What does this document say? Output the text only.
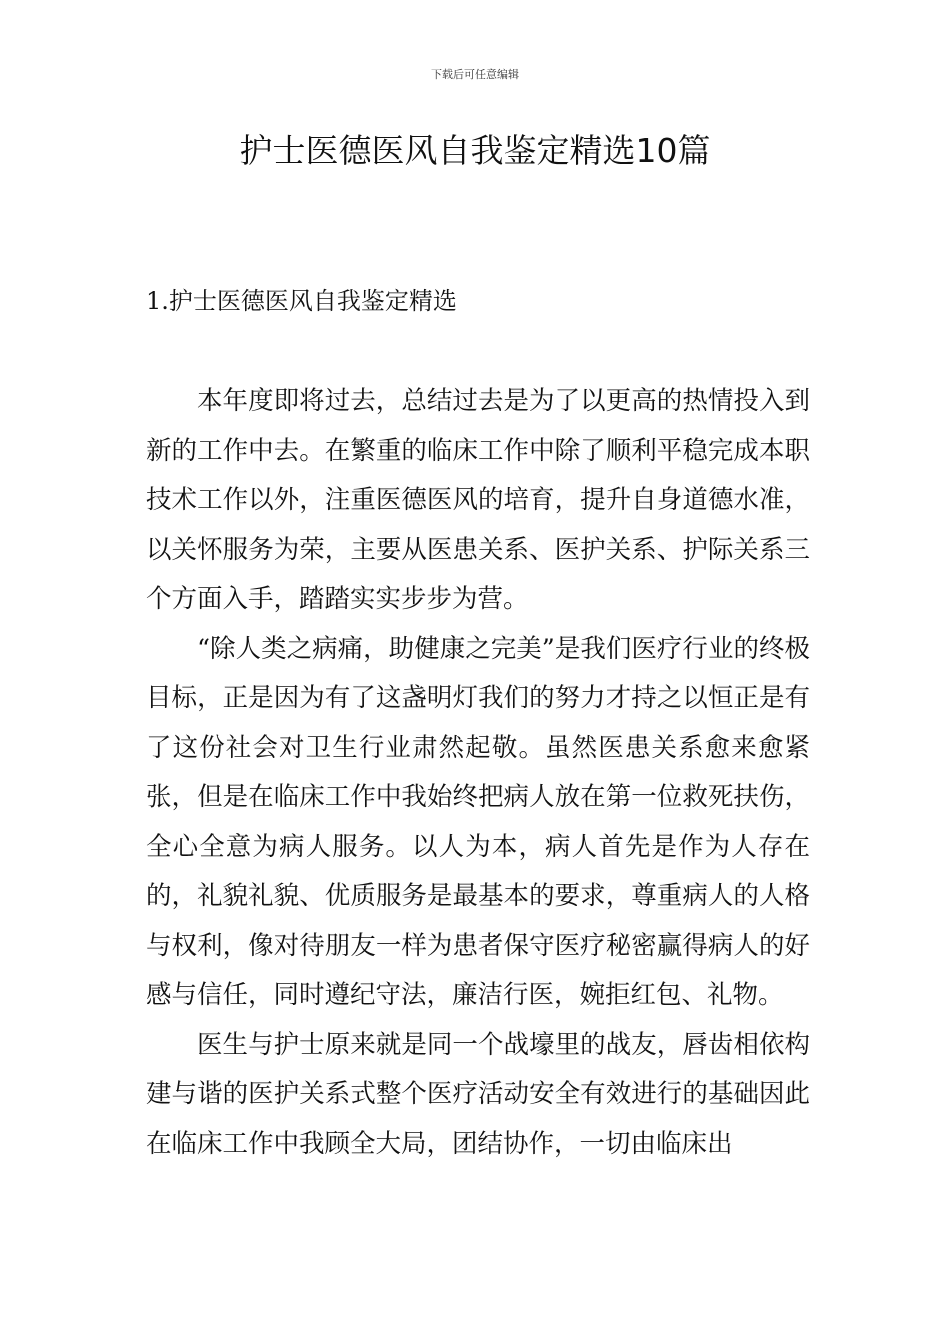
下载后可任意编辑
护士医德医风自我鉴定精选10篇
1.护士医德医风自我鉴定精选

本年度即将过去，总结过去是为了以更高的热情投入到新的工作中去。在繁重的临床工作中除了顺利平稳完成本职技术工作以外，注重医德医风的培育，提升自身道德水准，以关怀服务为荣，主要从医患关系、医护关系、护际关系三个方面入手，踏踏实实步步为营。

“除人类之病痛，助健康之完美”是我们医疗行业的终极目标，正是因为有了这盏明灯我们的努力才持之以恒正是有了这份社会对卫生行业肃然起敬。虽然医患关系愈来愈紧张，但是在临床工作中我始终把病人放在第一位救死扶伤，全心全意为病人服务。以人为本，病人首先是作为人存在的，礼貌礼貌、优质服务是最基本的要求，尊重病人的人格与权利，像对待朋友一样为患者保守医疗秘密赢得病人的好感与信任，同时遵纪守法，廉洁行医，婉拒红包、礼物。

医生与护士原来就是同一个战壕里的战友，唇齿相依构建与谐的医护关系式整个医疗活动安全有效进行的基础因此在临床工作中我顾全大局，团结协作，一切由临床出
